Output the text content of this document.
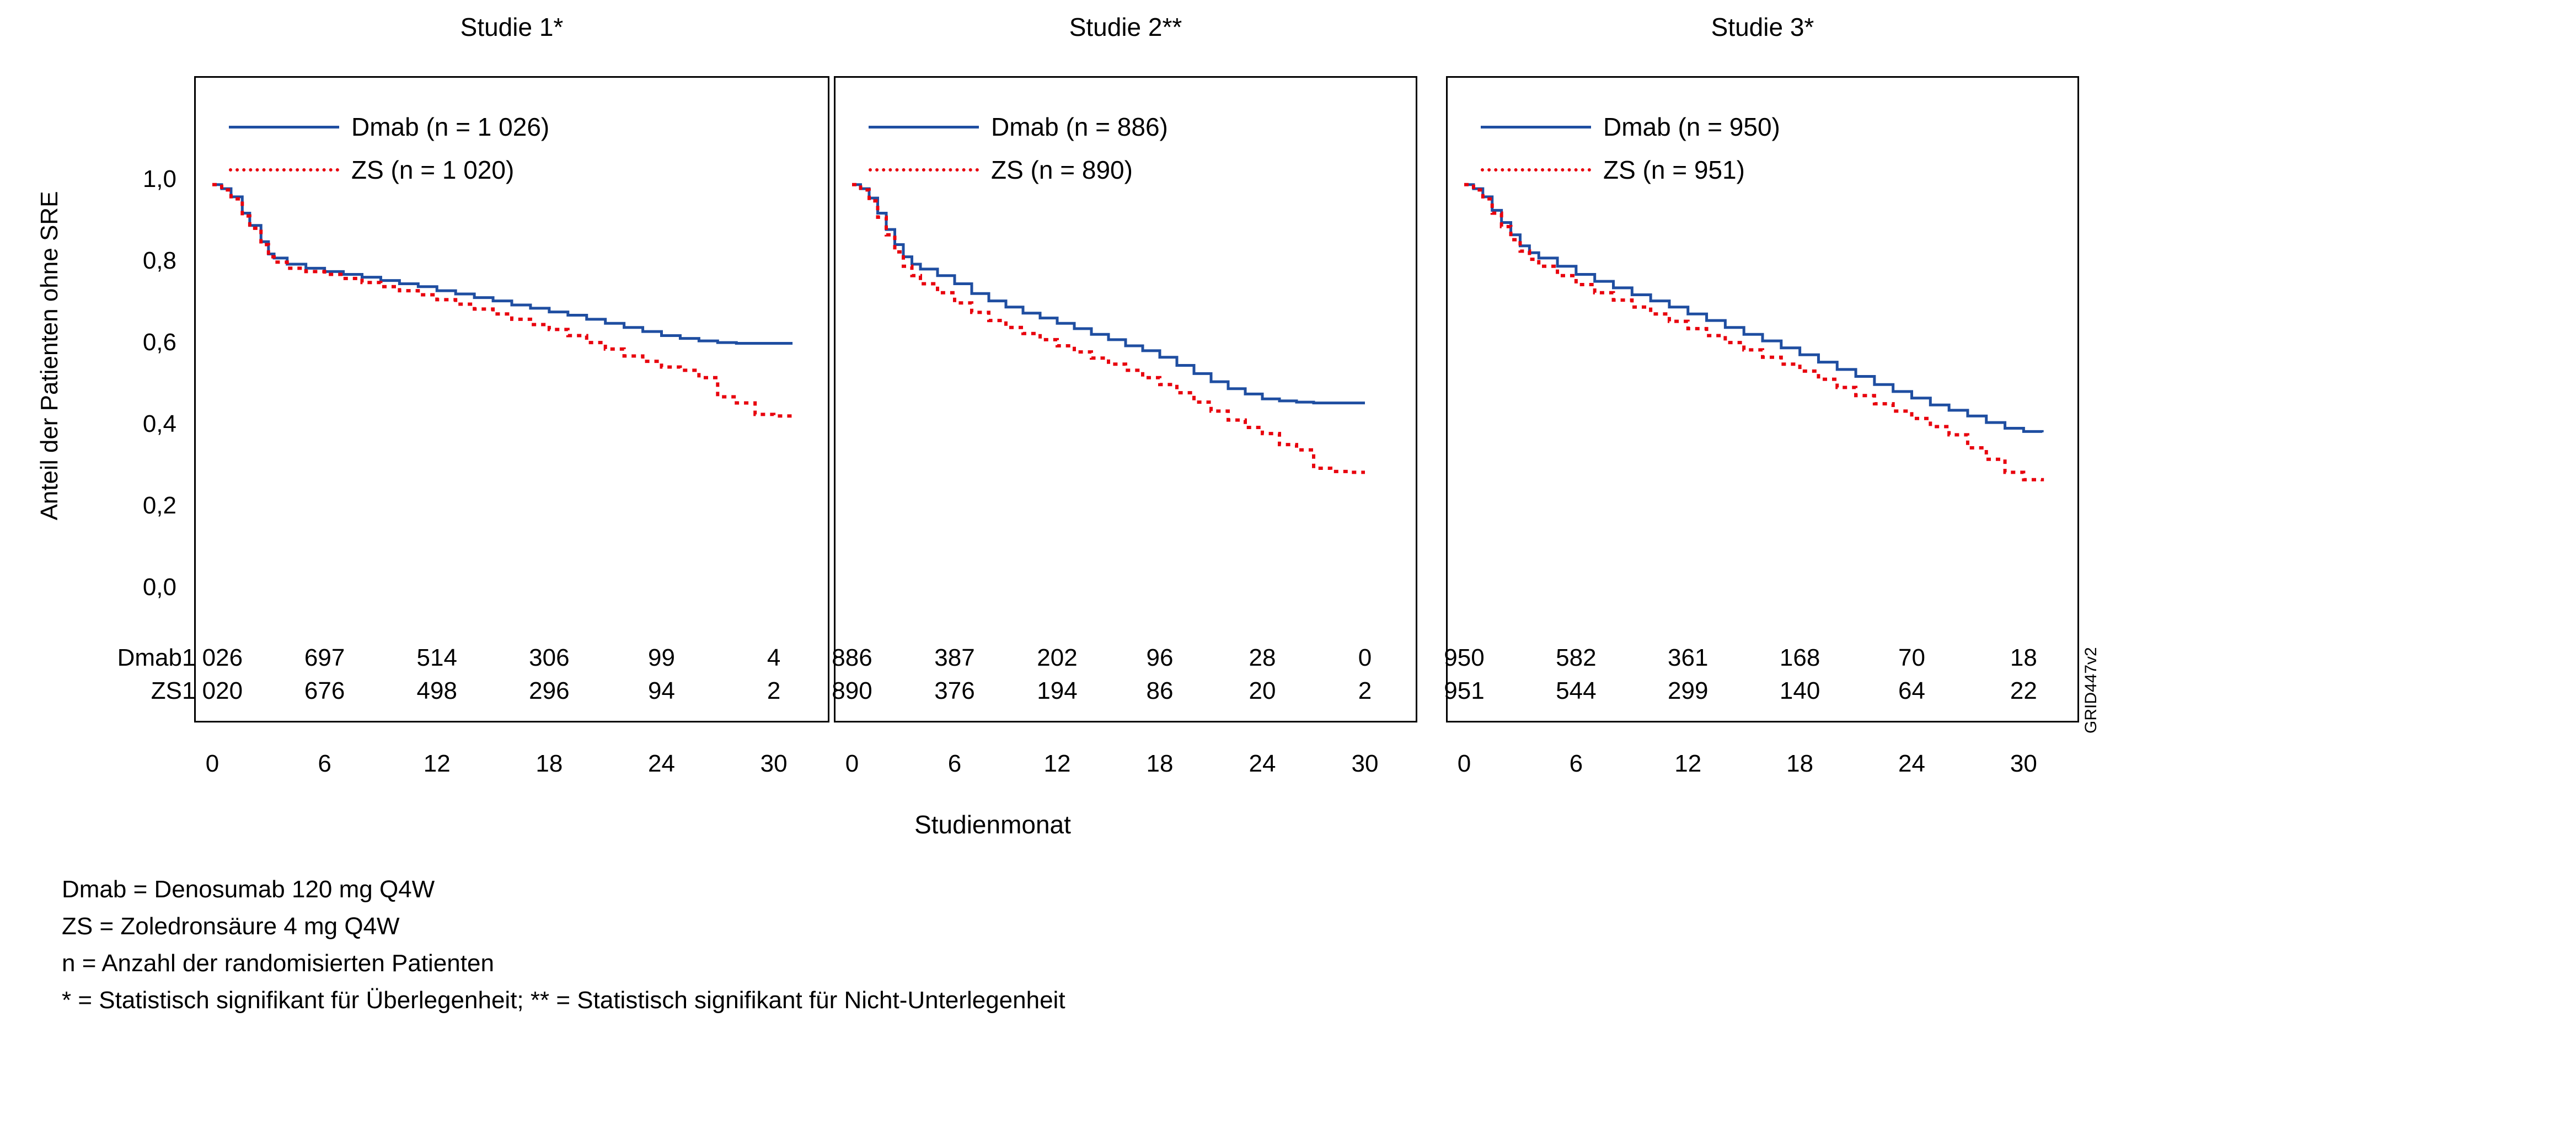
Anteil der Patienten ohne SRE
1,0
0,8
0,6
0,4
0,2
0,0
Studie 1*
Dmab (n = 1 026)
ZS (n = 1 020)
1 026	697	514	306	99	4
1 020	676	498	296	94	2
0	6	12	18	24	30
Studie 2**
Dmab (n = 886)
ZS (n = 890)
886	387	202	96	28	0
890	376	194	86	20	2
0	6	12	18	24	30
Studie 3*
Dmab (n = 950)
ZS (n = 951)
950	582	361	168	70	18
951	544	299	140	64	22
0	6	12	18	24	30
Dmab
ZS
Studienmonat
GRID447v2
Dmab = Denosumab 120 mg Q4W
ZS = Zoledronsäure 4 mg Q4W
n = Anzahl der randomisierten Patienten
* = Statistisch signifikant für Überlegenheit; ** = Statistisch signifikant für Nicht-Unterlegenheit
